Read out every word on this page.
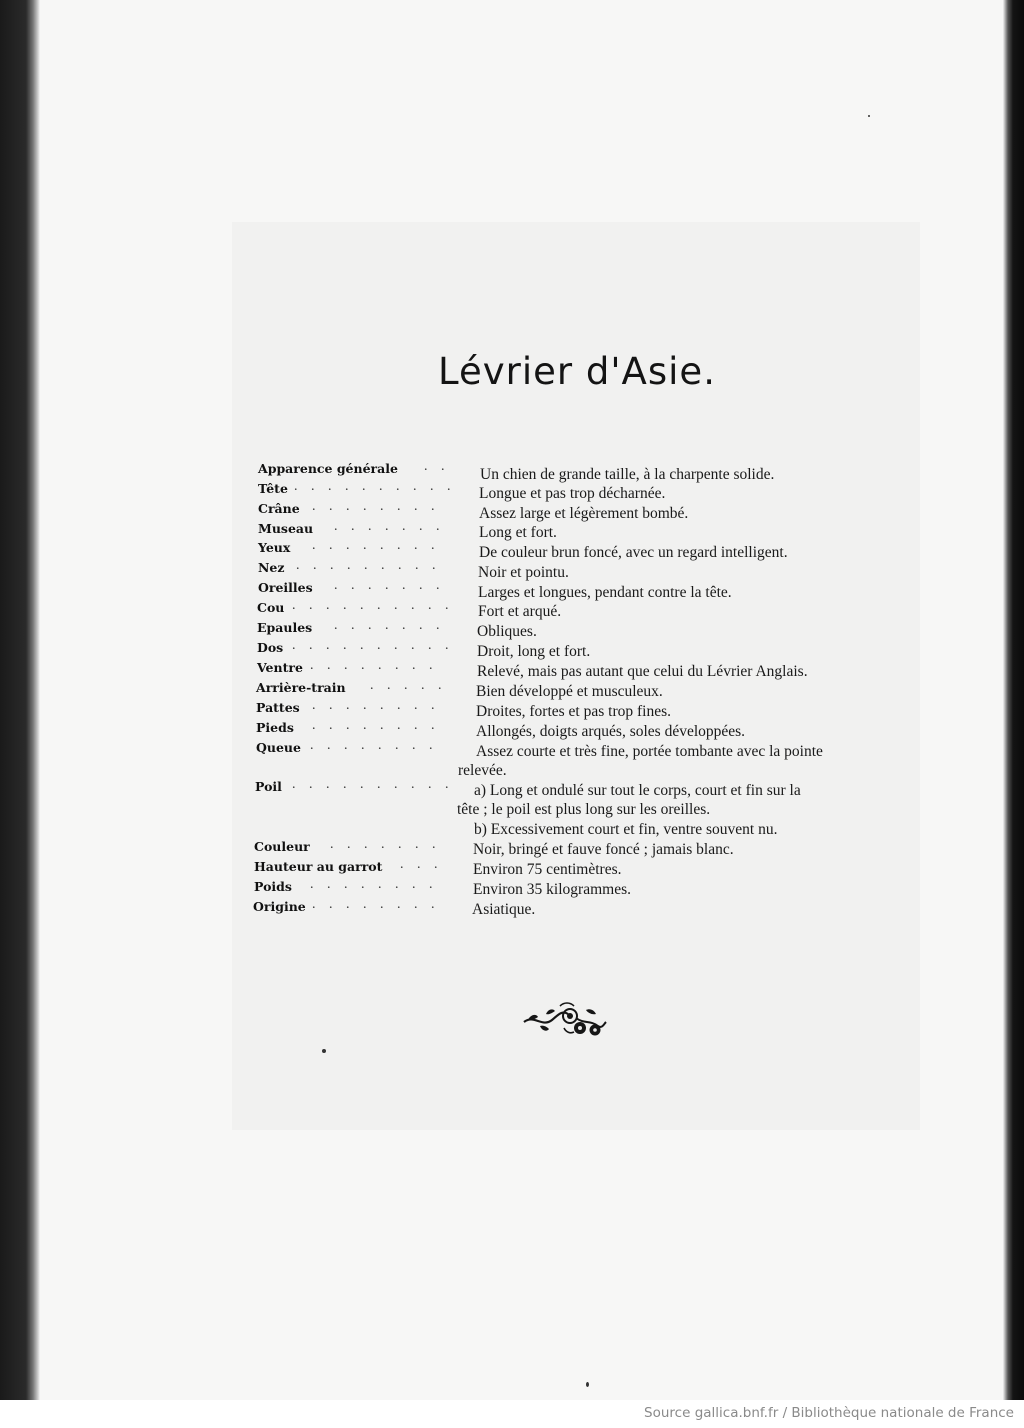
Lévrier d'Asie.
Apparence générale . . Un chien de grande taille, à la charpente solide.
Tête . . . . . . . . . . Longue et pas trop décharnée.
Crâne . . . . . . . .	Assez large et légèrement bombé.
Museau . . . . . . . Long et fort.
Yeux . . . . . . . .	De couleur brun foncé, avec un regard intelligent.
Nez . . . . . . . . . Noir et pointu.
Oreilles . . . . . . . Larges et longues, pendant contre la tête.
Cou . . . . . . . . . . Fort et arqué.
Epaules . . . . . . . Obliques.
Dos . . . . . . . . . . Droit, long et fort.
Ventre . . . . . . . .	Relevé, mais pas autant que celui du Lévrier Anglais.
Arrière-train . . . . . Bien développé et musculeux.
Pattes . . . . . . . . Droites, fortes et pas trop fines.
Pieds . . . . . . . . Allongés, doigts arqués, soles développées.
Queue . . . . . . . . Assez courte et très fine, portée tombante avec la pointe
relevée.
Poil . . . . . . . . . . a) Long et ondulé sur tout le corps, court et fin sur la
tête ; le poil est plus long sur les oreilles.
b) Excessivement court et fin, ventre souvent nu.
Couleur . . . . . . . Noir, bringé et fauve foncé ; jamais blanc.
Hauteur au garrot . . . Environ 75 centimètres.
Poids . . . . . . . . Environ 35 kilogrammes.
Origine . . . . . . . . Asiatique.
Source gallica.bnf.fr / Bibliothèque nationale de France
